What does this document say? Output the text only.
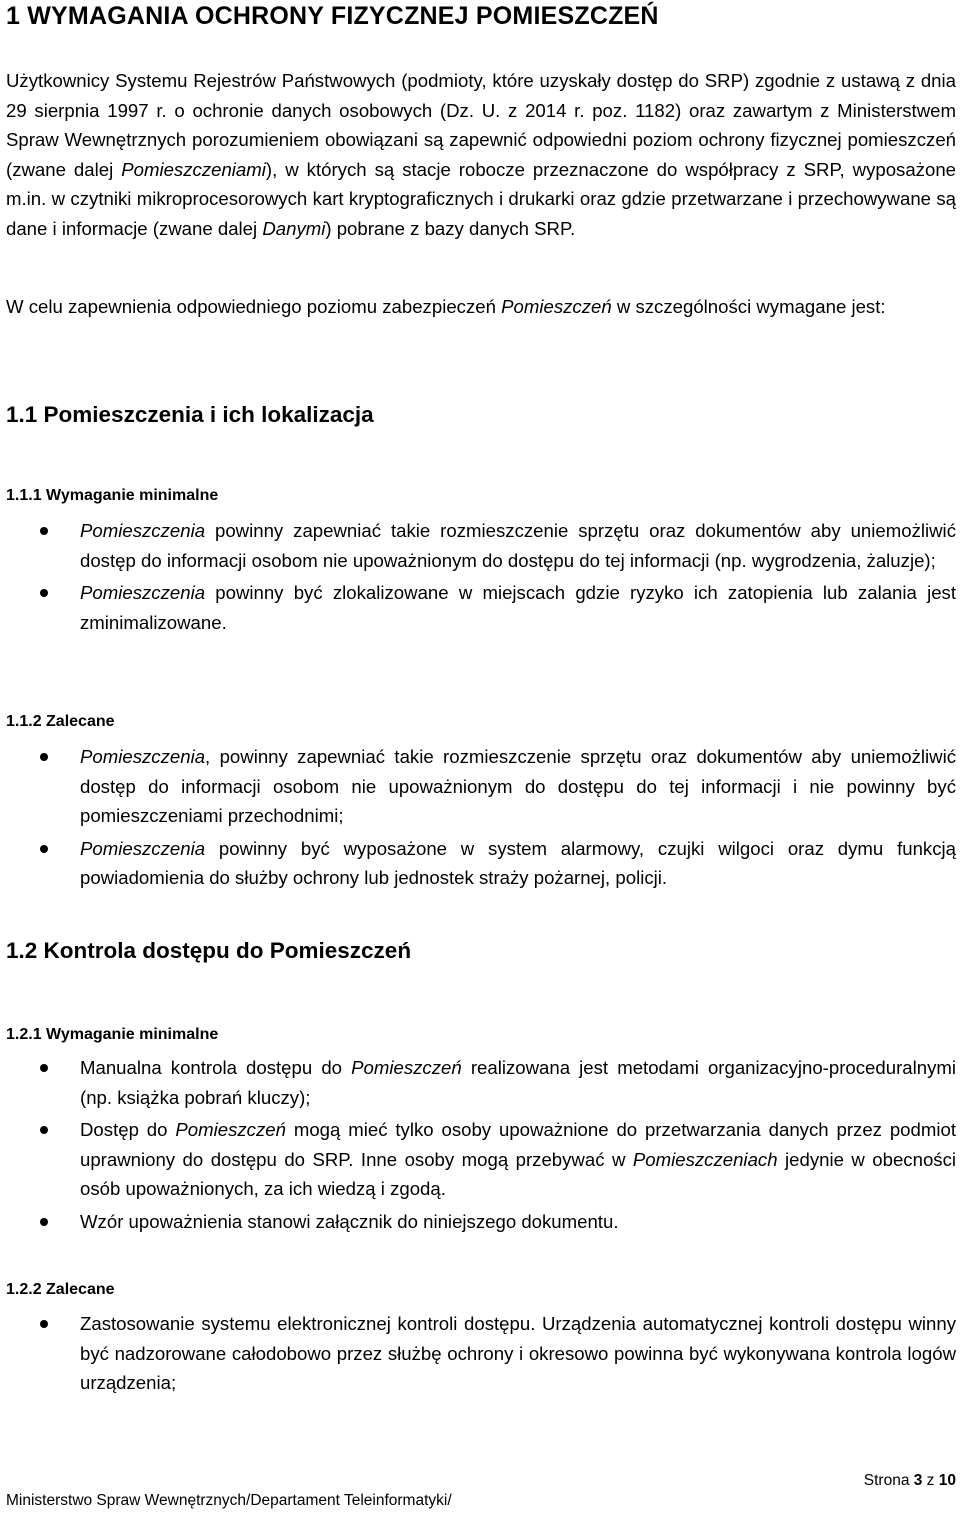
1 WYMAGANIA OCHRONY FIZYCZNEJ POMIESZCZEŃ

Użytkownicy Systemu Rejestrów Państwowych (podmioty, które uzyskały dostęp do SRP) zgodnie z ustawą z dnia 29 sierpnia 1997 r. o ochronie danych osobowych (Dz. U. z 2014 r. poz. 1182) oraz zawartym z Ministerstwem Spraw Wewnętrznych porozumieniem obowiązani są zapewnić odpowiedni poziom ochrony fizycznej pomieszczeń (zwane dalej Pomieszczeniami), w których są stacje robocze przeznaczone do współpracy z SRP, wyposażone m.in. w czytniki mikroprocesorowych kart kryptograficznych i drukarki oraz gdzie przetwarzane i przechowywane są dane i informacje (zwane dalej Danymi) pobrane z bazy danych SRP.

W celu zapewnienia odpowiedniego poziomu zabezpieczeń Pomieszczeń w szczególności wymagane jest:

1.1 Pomieszczenia i ich lokalizacja
1.1.1 Wymaganie minimalne
Pomieszczenia powinny zapewniać takie rozmieszczenie sprzętu oraz dokumentów aby uniemożliwić dostęp do informacji osobom nie upoważnionym do dostępu do tej informacji (np. wygrodzenia, żaluzje);
Pomieszczenia powinny być zlokalizowane w miejscach gdzie ryzyko ich zatopienia lub zalania jest zminimalizowane.
1.1.2 Zalecane
Pomieszczenia, powinny zapewniać takie rozmieszczenie sprzętu oraz dokumentów aby uniemożliwić dostęp do informacji osobom nie upoważnionym do dostępu do tej informacji i nie powinny być pomieszczeniami przechodnimi;
Pomieszczenia powinny być wyposażone w system alarmowy, czujki wilgoci oraz dymu funkcją powiadomienia do służby ochrony lub jednostek straży pożarnej, policji.
1.2 Kontrola dostępu do Pomieszczeń
1.2.1 Wymaganie minimalne
Manualna kontrola dostępu do Pomieszczeń realizowana jest metodami organizacyjno-proceduralnymi (np. książka pobrań kluczy);
Dostęp do Pomieszczeń mogą mieć tylko osoby upoważnione do przetwarzania danych przez podmiot uprawniony do dostępu do SRP. Inne osoby mogą przebywać w Pomieszczeniach jedynie w obecności osób upoważnionych, za ich wiedzą i zgodą.
Wzór upoważnienia stanowi załącznik do niniejszego dokumentu.
1.2.2 Zalecane
Zastosowanie systemu elektronicznej kontroli dostępu. Urządzenia automatycznej kontroli dostępu winny być nadzorowane całodobowo przez służbę ochrony i okresowo powinna być wykonywana kontrola logów urządzenia;
Strona 3 z 10
Ministerstwo Spraw Wewnętrznych/Departament Teleinformatyki/
